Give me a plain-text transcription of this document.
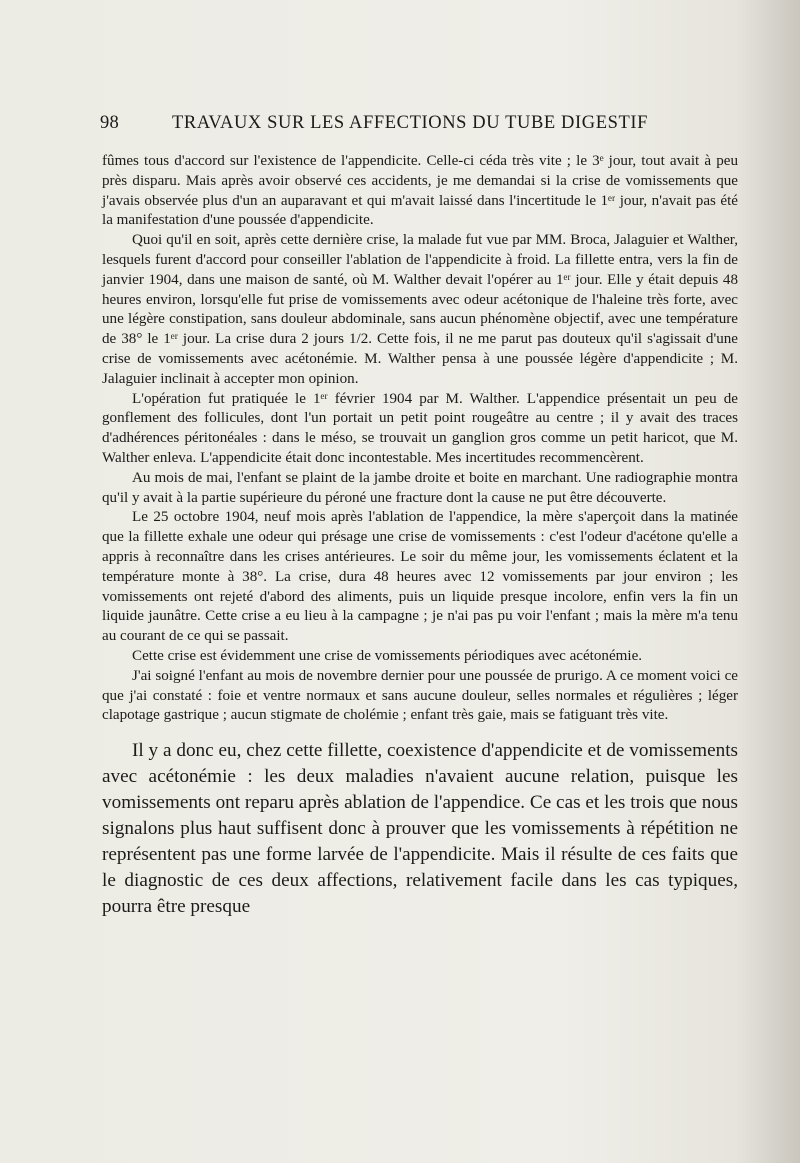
98	TRAVAUX SUR LES AFFECTIONS DU TUBE DIGESTIF

fûmes tous d'accord sur l'existence de l'appendicite. Celle-ci céda très vite ; le 3ᵉ jour, tout avait à peu près disparu. Mais après avoir observé ces accidents, je me demandai si la crise de vomissements que j'avais observée plus d'un an auparavant et qui m'avait laissé dans l'incertitude le 1ᵉʳ jour, n'avait pas été la manifestation d'une poussée d'appendicite.

Quoi qu'il en soit, après cette dernière crise, la malade fut vue par MM. Broca, Jalaguier et Walther, lesquels furent d'accord pour conseiller l'ablation de l'appendicite à froid. La fillette entra, vers la fin de janvier 1904, dans une maison de santé, où M. Walther devait l'opérer au 1ᵉʳ jour. Elle y était depuis 48 heures environ, lorsqu'elle fut prise de vomissements avec odeur acétonique de l'haleine très forte, avec une légère constipation, sans douleur abdominale, sans aucun phénomène objectif, avec une température de 38° le 1ᵉʳ jour. La crise dura 2 jours 1/2. Cette fois, il ne me parut pas douteux qu'il s'agissait d'une crise de vomissements avec acétonémie. M. Walther pensa à une poussée légère d'appendicite ; M. Jalaguier inclinait à accepter mon opinion.

L'opération fut pratiquée le 1ᵉʳ février 1904 par M. Walther. L'appendice présentait un peu de gonflement des follicules, dont l'un portait un petit point rougeâtre au centre ; il y avait des traces d'adhérences péritonéales : dans le méso, se trouvait un ganglion gros comme un petit haricot, que M. Walther enleva. L'appendicite était donc incontestable. Mes incertitudes recommencèrent.

Au mois de mai, l'enfant se plaint de la jambe droite et boite en marchant. Une radiographie montra qu'il y avait à la partie supérieure du péroné une fracture dont la cause ne put être découverte.

Le 25 octobre 1904, neuf mois après l'ablation de l'appendice, la mère s'aperçoit dans la matinée que la fillette exhale une odeur qui présage une crise de vomissements : c'est l'odeur d'acétone qu'elle a appris à reconnaître dans les crises antérieures. Le soir du même jour, les vomissements éclatent et la température monte à 38°. La crise, dura 48 heures avec 12 vomissements par jour environ ; les vomissements ont rejeté d'abord des aliments, puis un liquide presque incolore, enfin vers la fin un liquide jaunâtre. Cette crise a eu lieu à la campagne ; je n'ai pas pu voir l'enfant ; mais la mère m'a tenu au courant de ce qui se passait.

Cette crise est évidemment une crise de vomissements périodiques avec acétonémie.

J'ai soigné l'enfant au mois de novembre dernier pour une poussée de prurigo. A ce moment voici ce que j'ai constaté : foie et ventre normaux et sans aucune douleur, selles normales et régulières ; léger clapotage gastrique ; aucun stigmate de cholémie ; enfant très gaie, mais se fatiguant très vite.

Il y a donc eu, chez cette fillette, coexistence d'appendicite et de vomissements avec acétonémie : les deux maladies n'avaient aucune relation, puisque les vomissements ont reparu après ablation de l'appendice. Ce cas et les trois que nous signalons plus haut suffisent donc à prouver que les vomissements à répétition ne représentent pas une forme larvée de l'appendicite. Mais il résulte de ces faits que le diagnostic de ces deux affections, relativement facile dans les cas typiques, pourra être presque
